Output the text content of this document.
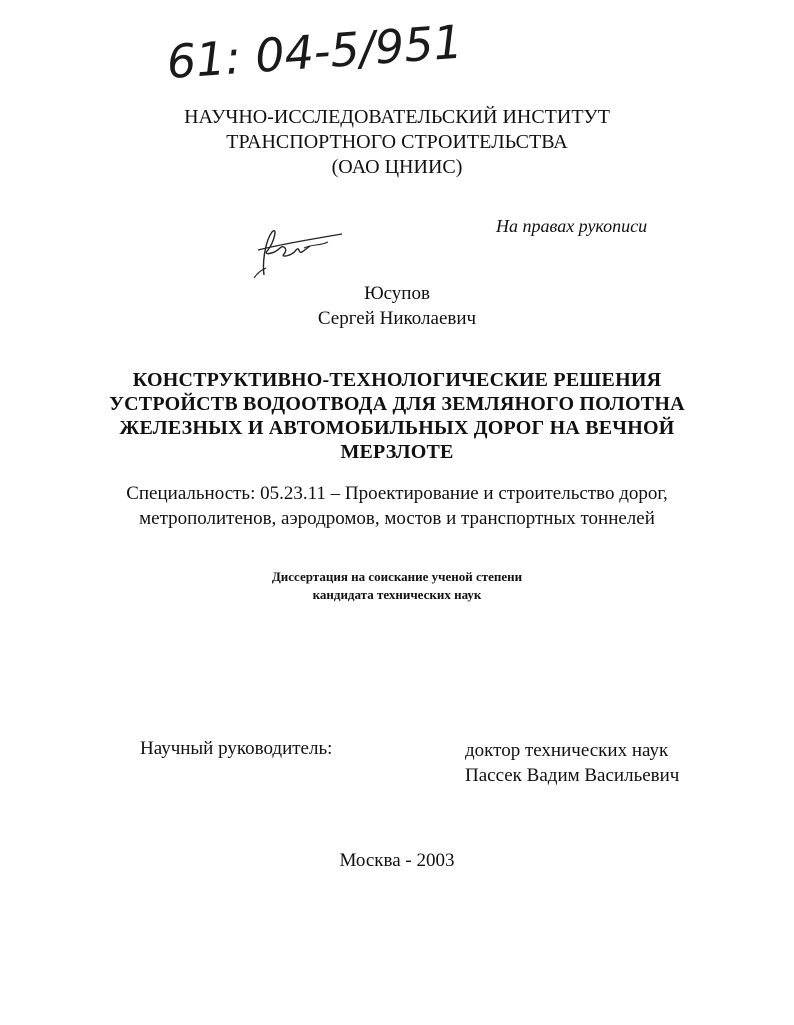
61: 04-5/951
НАУЧНО-ИССЛЕДОВАТЕЛЬСКИЙ ИНСТИТУТ
ТРАНСПОРТНОГО СТРОИТЕЛЬСТВА
(ОАО ЦНИИС)
На правах рукописи
Юсупов
Сергей Николаевич
КОНСТРУКТИВНО-ТЕХНОЛОГИЧЕСКИЕ РЕШЕНИЯ
УСТРОЙСТВ ВОДООТВОДА ДЛЯ ЗЕМЛЯНОГО ПОЛОТНА
ЖЕЛЕЗНЫХ И АВТОМОБИЛЬНЫХ ДОРОГ НА ВЕЧНОЙ
МЕРЗЛОТЕ
Специальность: 05.23.11 – Проектирование и строительство дорог,
метрополитенов, аэродромов, мостов и транспортных тоннелей
Диссертация на соискание ученой степени
кандидата технических наук
Научный руководитель:	доктор технических наук
Пассек Вадим Васильевич
Москва - 2003
